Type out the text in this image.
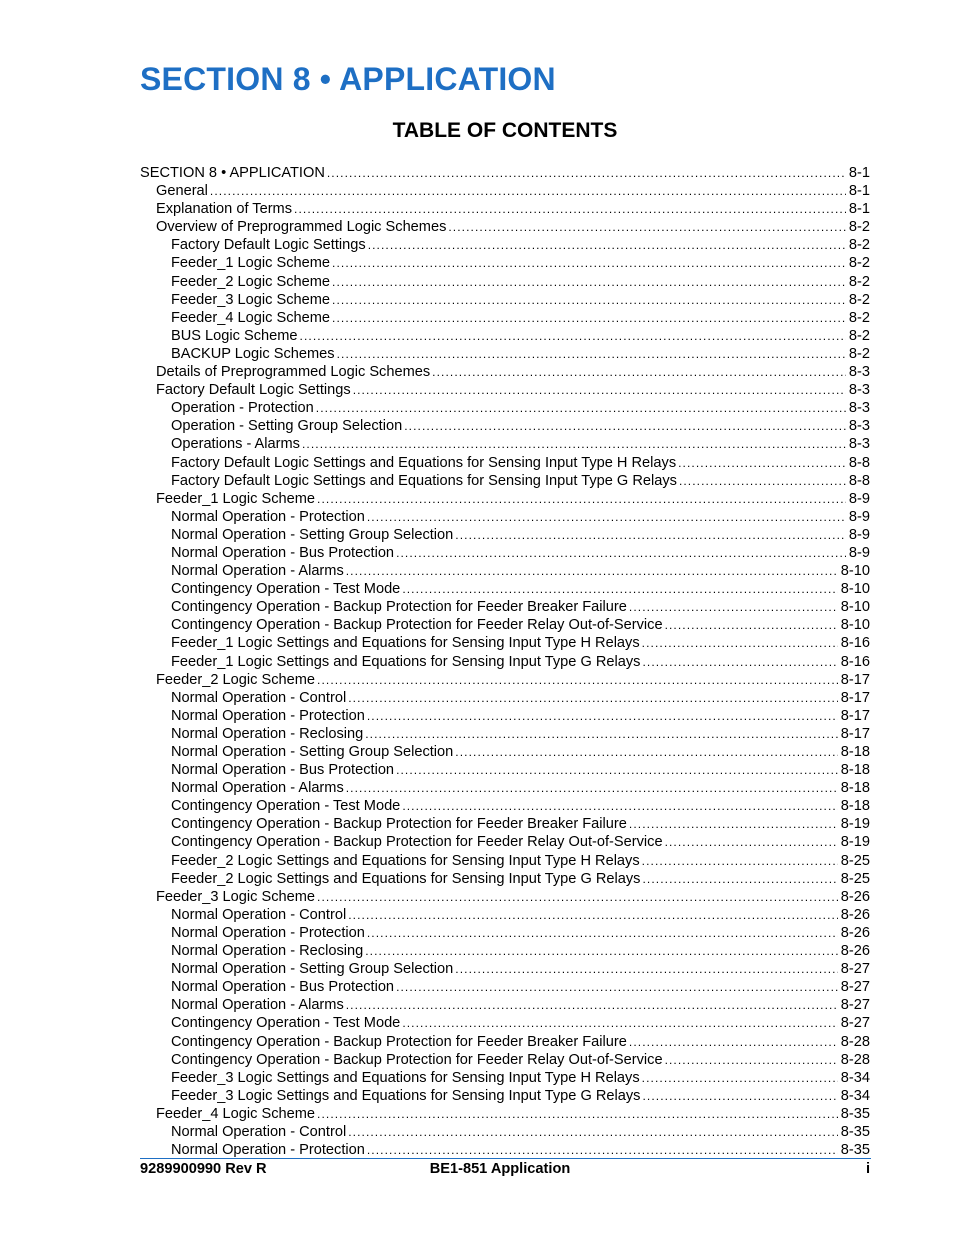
SECTION 8 • APPLICATION
TABLE OF CONTENTS
SECTION 8 • APPLICATION .....	8-1
General .....	8-1
Explanation of Terms .....	8-1
Overview of Preprogrammed Logic Schemes .....	8-2
Factory Default Logic Settings .....	8-2
Feeder_1 Logic Scheme .....	8-2
Feeder_2 Logic Scheme .....	8-2
Feeder_3 Logic Scheme .....	8-2
Feeder_4 Logic Scheme .....	8-2
BUS Logic Scheme .....	8-2
BACKUP Logic Schemes .....	8-2
Details of Preprogrammed Logic Schemes .....	8-3
Factory Default Logic Settings .....	8-3
Operation - Protection .....	8-3
Operation - Setting Group Selection .....	8-3
Operations - Alarms .....	8-3
Factory Default Logic Settings and Equations for Sensing Input Type H Relays .....	8-8
Factory Default Logic Settings and Equations for Sensing Input Type G Relays .....	8-8
Feeder_1 Logic Scheme .....	8-9
Normal Operation - Protection .....	8-9
Normal Operation - Setting Group Selection .....	8-9
Normal Operation - Bus Protection .....	8-9
Normal Operation - Alarms .....	8-10
Contingency Operation - Test Mode .....	8-10
Contingency Operation - Backup Protection for Feeder Breaker Failure .....	8-10
Contingency Operation - Backup Protection for Feeder Relay Out-of-Service .....	8-10
Feeder_1 Logic Settings and Equations for Sensing Input Type H Relays .....	8-16
Feeder_1 Logic Settings and Equations for Sensing Input Type G Relays .....	8-16
Feeder_2 Logic Scheme .....	8-17
Normal Operation - Control .....	8-17
Normal Operation - Protection .....	8-17
Normal Operation - Reclosing .....	8-17
Normal Operation - Setting Group Selection .....	8-18
Normal Operation - Bus Protection .....	8-18
Normal Operation - Alarms .....	8-18
Contingency Operation - Test Mode .....	8-18
Contingency Operation - Backup Protection for Feeder Breaker Failure .....	8-19
Contingency Operation - Backup Protection for Feeder Relay Out-of-Service .....	8-19
Feeder_2 Logic Settings and Equations for Sensing Input Type H Relays .....	8-25
Feeder_2 Logic Settings and Equations for Sensing Input Type G Relays .....	8-25
Feeder_3 Logic Scheme .....	8-26
Normal Operation - Control .....	8-26
Normal Operation - Protection .....	8-26
Normal Operation - Reclosing .....	8-26
Normal Operation - Setting Group Selection .....	8-27
Normal Operation - Bus Protection .....	8-27
Normal Operation - Alarms .....	8-27
Contingency Operation - Test Mode .....	8-27
Contingency Operation - Backup Protection for Feeder Breaker Failure .....	8-28
Contingency Operation - Backup Protection for Feeder Relay Out-of-Service .....	8-28
Feeder_3 Logic Settings and Equations for Sensing Input Type H Relays .....	8-34
Feeder_3 Logic Settings and Equations for Sensing Input Type G Relays .....	8-34
Feeder_4 Logic Scheme .....	8-35
Normal Operation - Control .....	8-35
Normal Operation - Protection .....	8-35
9289900990 Rev R	BE1-851 Application	i
